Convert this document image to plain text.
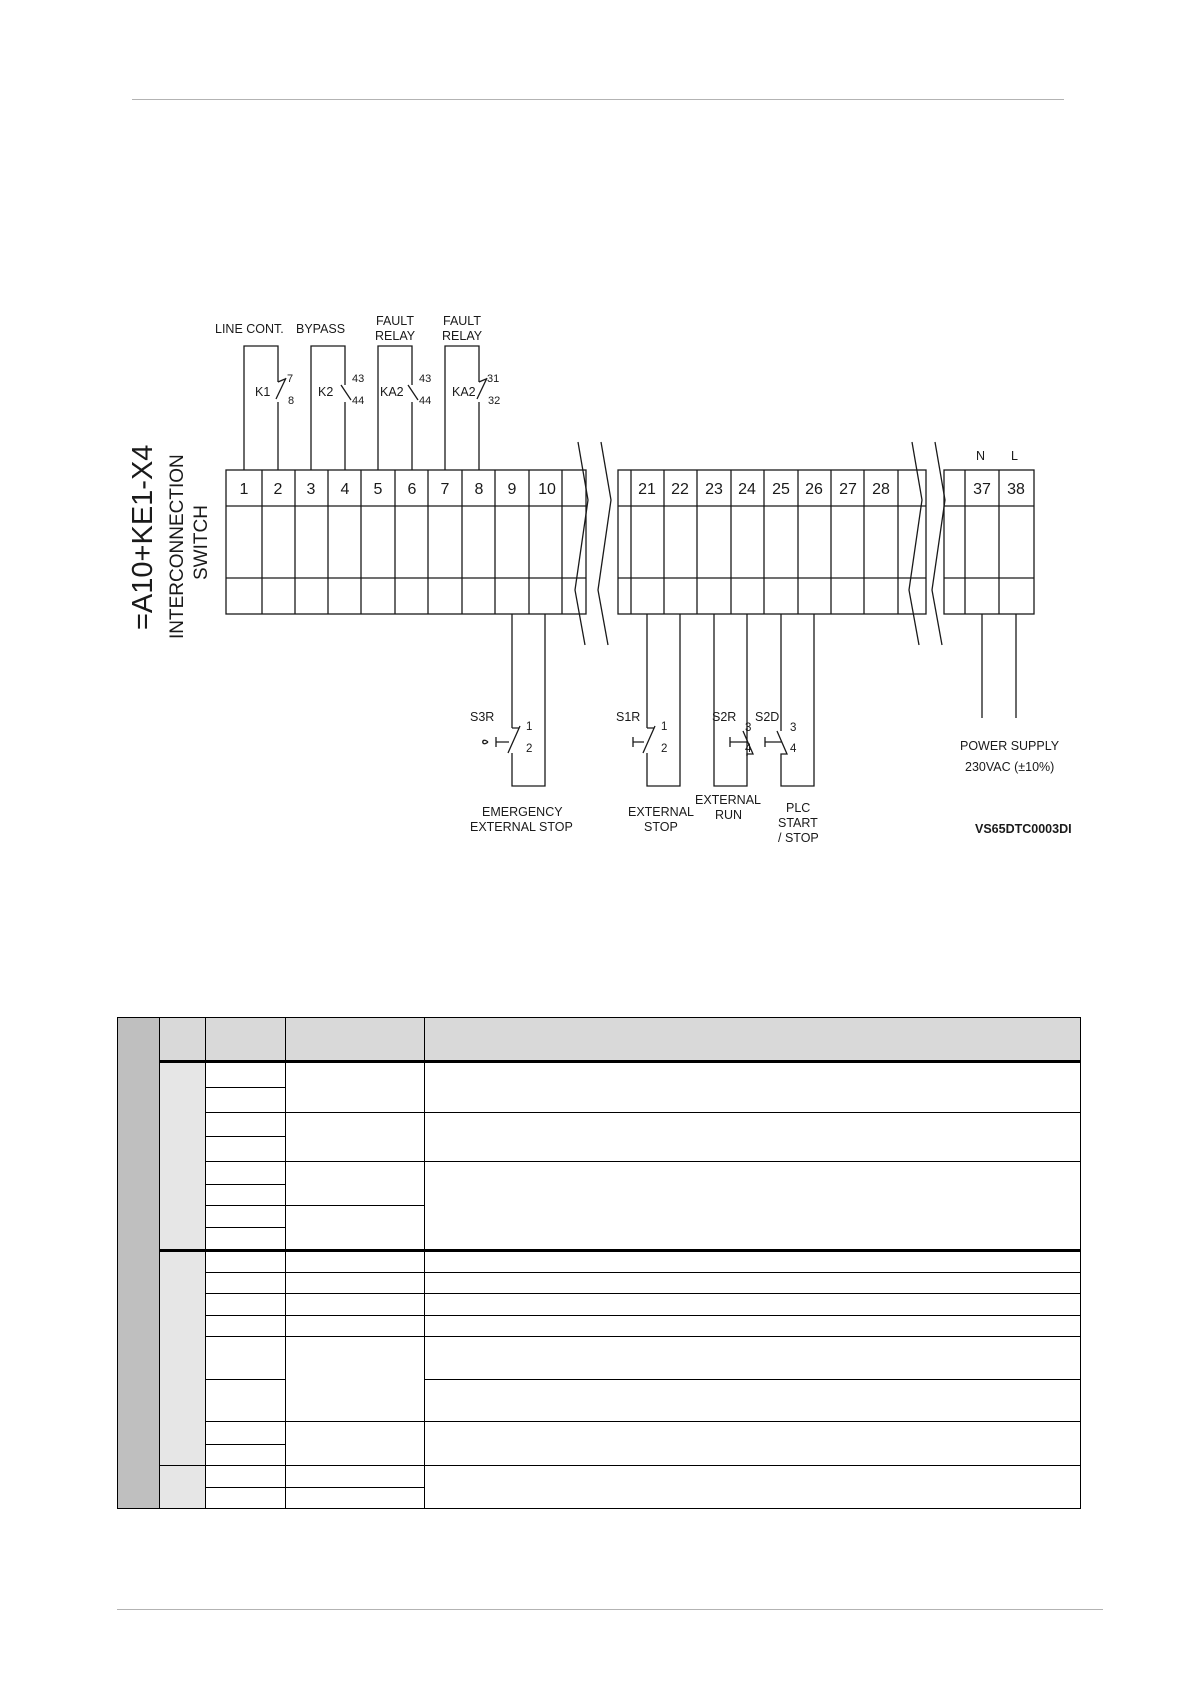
=A10+KE1-X4 INTERCONNECTION SWITCH
1 2 3 4 5 6 7 8 9 10	21 22 23 24 25 26 27 28	37 38
LINE CONT. BYPASS
FAULT
RELAY
FAULT
RELAY
K1	K2	KA2	KA2
7
8
43
44
43
44
31
32
N L
POWER SUPPLY
230VAC (±10%)
S3R	S1R	S2R S2D
EMERGENCY
EXTERNAL STOP
EXTERNAL
STOP
EXTERNAL
RUN	PLC
START
/ STOP
1
2
1
2
3
4
3
4
VS65DTC0003DI
